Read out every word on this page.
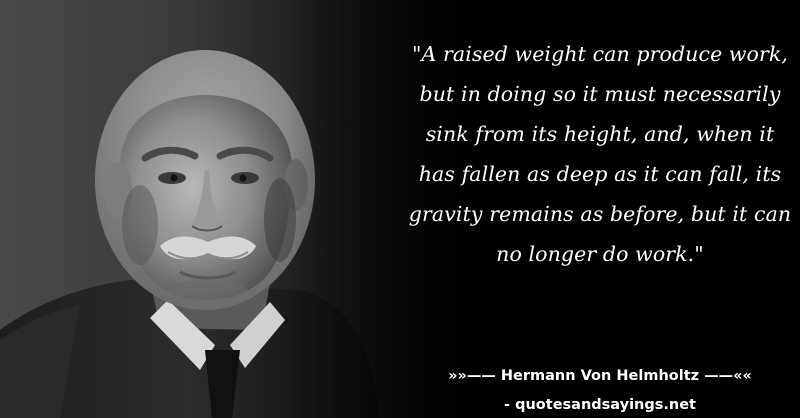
"A raised weight can produce work, but in doing so it must necessarily sink from its height, and, when it has fallen as deep as it can fall, its gravity remains as before, but it can no longer do work."

»»—— Hermann Von Helmholtz ——««
- quotesandsayings.net
